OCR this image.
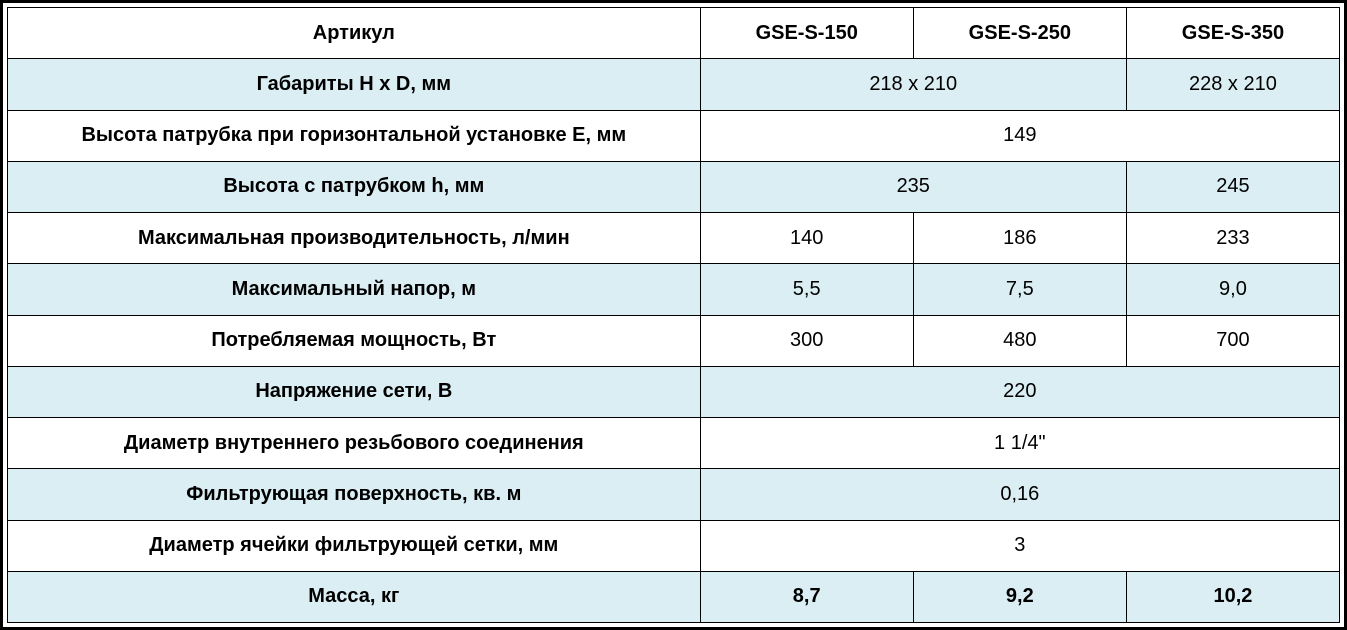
Артикул	GSE-S-150	GSE-S-250	GSE-S-350
Габариты H x D, мм	218 x 210		228 x 210
Высота патрубка при горизонтальной установке E, мм	149		
Высота с патрубком h, мм	235		245
Максимальная производительность, л/мин	140	186	233
Максимальный напор, м	5,5	7,5	9,0
Потребляемая мощность, Вт	300	480	700
Напряжение сети, В	220		
Диаметр внутреннего резьбового соединения	1 1/4"		
Фильтрующая поверхность, кв. м	0,16		
Диаметр ячейки фильтрующей сетки, мм	3		
Масса, кг	8,7	9,2	10,2
